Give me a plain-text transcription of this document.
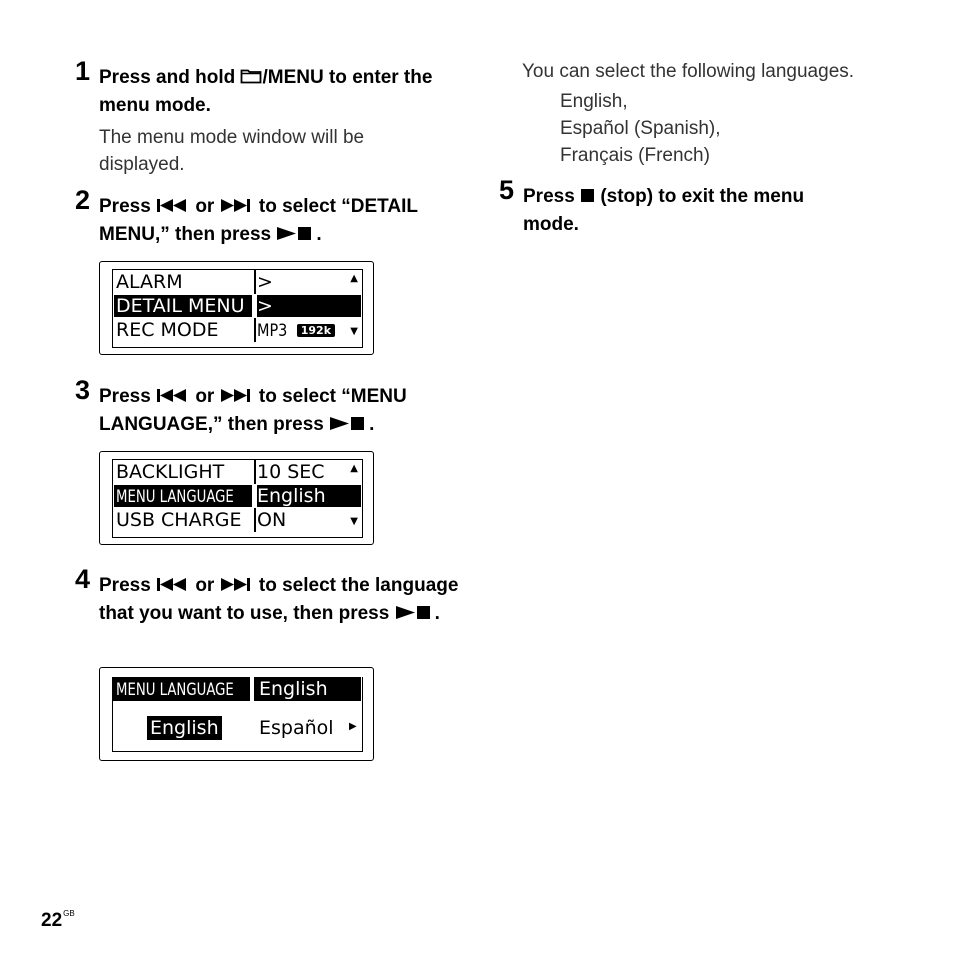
1 Press and hold /MENU to enter the menu mode.
The menu mode window will be displayed.
2 Press  or  to select “DETAIL MENU,” then press .
ALARM	>	▲
DETAIL MENU >
REC MODE MP3 192k	▼
3 Press  or  to select “MENU LANGUAGE,” then press .
BACKLIGHT 10 SEC	▲
MENU LANGUAGE	English
USB CHARGE ON	▼
4 Press  or  to select the language that you want to use, then press .
MENU LANGUAGE	English
English Español ▶
You can select the following languages.
English,
Español (Spanish),
Français (French)
5 Press  (stop) to exit the menu mode.
$22^{GB}$
